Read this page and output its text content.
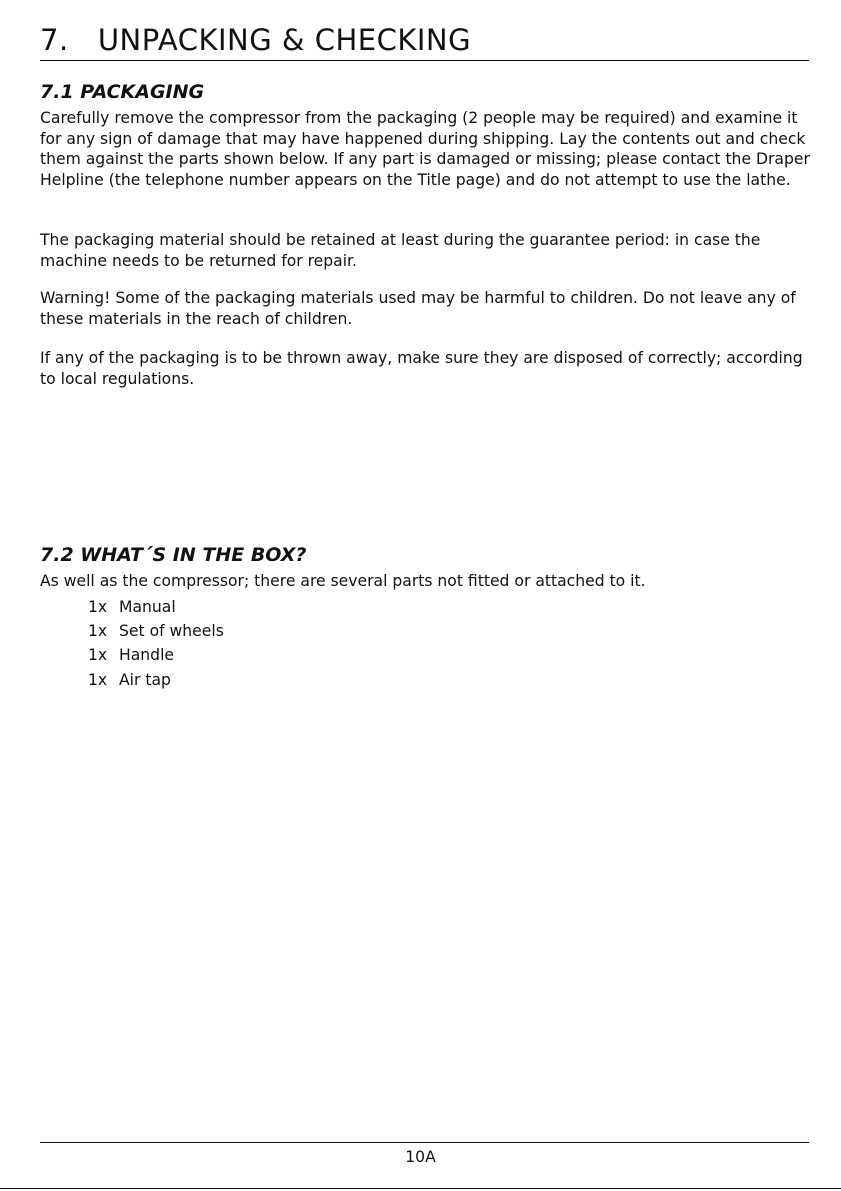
7.   UNPACKING & CHECKING
7.1 PACKAGING

Carefully remove the compressor from the packaging (2 people may be required) and examine it for any sign of damage that may have happened during shipping. Lay the contents out and check them against the parts shown below. If any part is damaged or missing; please contact the Draper Helpline (the telephone number appears on the Title page) and do not attempt to use the lathe.

The packaging material should be retained at least during the guarantee period: in case the machine needs to be returned for repair.

Warning! Some of the packaging materials used may be harmful to children. Do not leave any of these materials in the reach of children.

If any of the packaging is to be thrown away, make sure they are disposed of correctly; according to local regulations.

7.2 WHAT´S IN THE BOX?

As well as the compressor; there are several parts not fitted or attached to it.

1x Manual
1x Set of wheels
1x Handle
1x Air tap
10A
